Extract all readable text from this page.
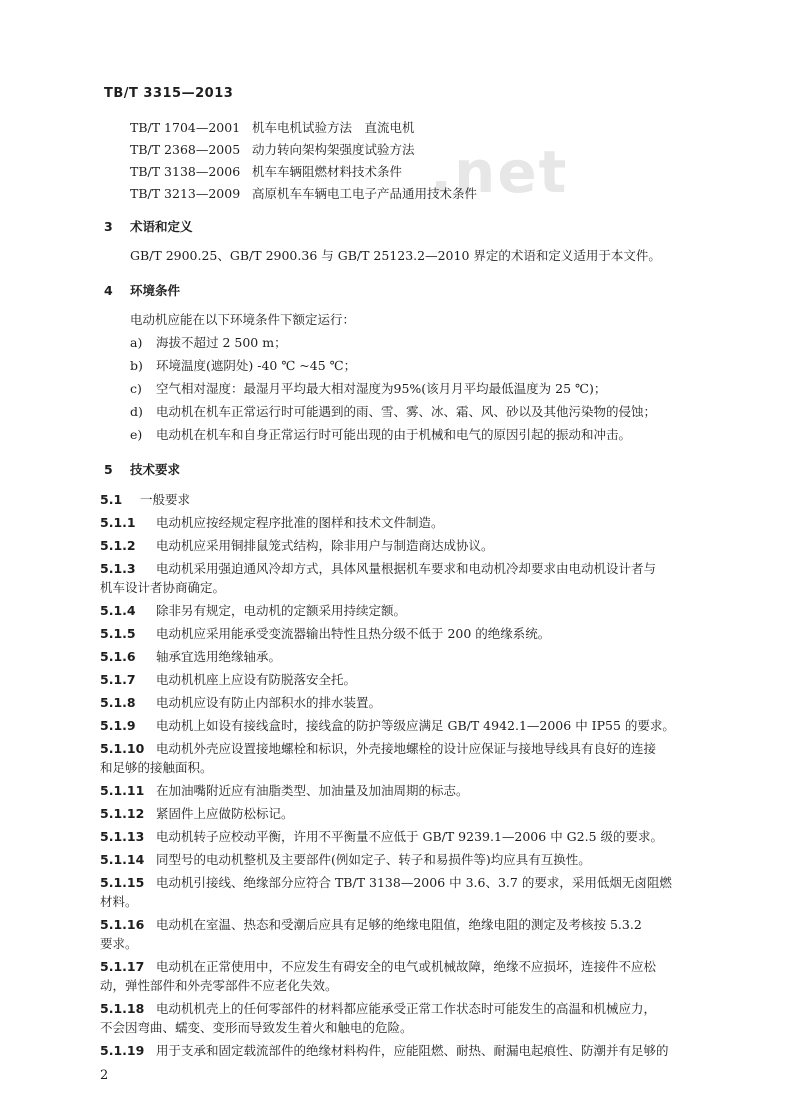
.net
TB/T 3315—2013
TB/T 1704—2001 机车电机试验方法　直流电机
TB/T 2368—2005 动力转向架构架强度试验方法
TB/T 3138—2006 机车车辆阻燃材料技术条件
TB/T 3213—2009 高原机车车辆电工电子产品通用技术条件
3 术语和定义
GB/T 2900.25、GB/T 2900.36 与 GB/T 25123.2—2010 界定的术语和定义适用于本文件。
4 环境条件
电动机应能在以下环境条件下额定运行：
a) 海拔不超过 2 500 m；
b) 环境温度(遮阴处) -40 ℃ ~45 ℃；
c) 空气相对湿度：最湿月平均最大相对湿度为95%(该月月平均最低温度为 25 ℃)；
d) 电动机在机车正常运行时可能遇到的雨、雪、雾、冰、霜、风、砂以及其他污染物的侵蚀；
e) 电动机在机车和自身正常运行时可能出现的由于机械和电气的原因引起的振动和冲击。
5 技术要求
5.1 一般要求
5.1.1 电动机应按经规定程序批准的图样和技术文件制造。
5.1.2 电动机应采用铜排鼠笼式结构，除非用户与制造商达成协议。
5.1.3 电动机采用强迫通风冷却方式，具体风量根据机车要求和电动机冷却要求由电动机设计者与
机车设计者协商确定。
5.1.4 除非另有规定，电动机的定额采用持续定额。
5.1.5 电动机应采用能承受变流器输出特性且热分级不低于 200 的绝缘系统。
5.1.6 轴承宜选用绝缘轴承。
5.1.7 电动机机座上应设有防脱落安全托。
5.1.8 电动机应设有防止内部积水的排水装置。
5.1.9 电动机上如设有接线盒时，接线盒的防护等级应满足 GB/T 4942.1—2006 中 IP55 的要求。
5.1.10 电动机外壳应设置接地螺栓和标识，外壳接地螺栓的设计应保证与接地导线具有良好的连接
和足够的接触面积。
5.1.11 在加油嘴附近应有油脂类型、加油量及加油周期的标志。
5.1.12 紧固件上应做防松标记。
5.1.13 电动机转子应校动平衡，许用不平衡量不应低于 GB/T 9239.1—2006 中 G2.5 级的要求。
5.1.14 同型号的电动机整机及主要部件(例如定子、转子和易损件等)均应具有互换性。
5.1.15 电动机引接线、绝缘部分应符合 TB/T 3138—2006 中 3.6、3.7 的要求，采用低烟无卤阻燃
材料。
5.1.16 电动机在室温、热态和受潮后应具有足够的绝缘电阻值，绝缘电阻的测定及考核按 5.3.2
要求。
5.1.17 电动机在正常使用中，不应发生有碍安全的电气或机械故障，绝缘不应损坏，连接件不应松
动，弹性部件和外壳零部件不应老化失效。
5.1.18 电动机机壳上的任何零部件的材料都应能承受正常工作状态时可能发生的高温和机械应力，
不会因弯曲、蠕变、变形而导致发生着火和触电的危险。
5.1.19 用于支承和固定载流部件的绝缘材料构件，应能阻燃、耐热、耐漏电起痕性、防潮并有足够的
2
